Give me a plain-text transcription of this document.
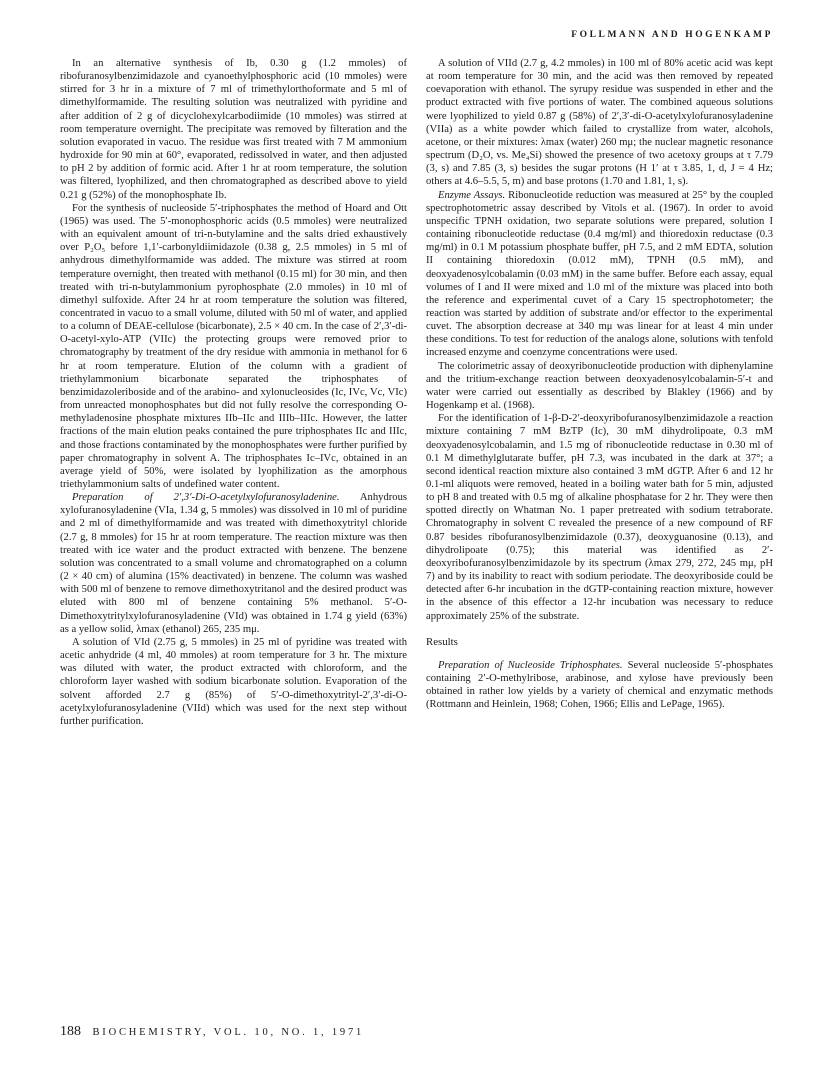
FOLLMANN AND HOGENKAMP

In an alternative synthesis of Ib, 0.30 g (1.2 mmoles) of ribofuranosylbenzimidazole and cyanoethylphosphoric acid (10 mmoles) were stirred for 3 hr in a mixture of 7 ml of trimethylorthoformate and 5 ml of dimethylformamide. The resulting solution was neutralized with pyridine and after addition of 2 g of dicyclohexylcarbodiimide (10 mmoles) was stirred at room temperature overnight. The precipitate was removed by filteration and the solution evaporated in vacuo. The residue was first treated with 7 M ammonium hydroxide for 90 min at 60°, evaporated, redissolved in water, and then adjusted to pH 2 by addition of formic acid. After 1 hr at room temperature, the solution was filtered, lyophilized, and then chromatographed as described above to yield 0.21 g (52%) of the monophosphate Ib.

For the synthesis of nucleoside 5′-triphosphates the method of Hoard and Ott (1965) was used. The 5′-monophosphoric acids (0.5 mmoles) were neutralized with an equivalent amount of tri-n-butylamine and the salts dried exhaustively over P₂O₅ before 1,1′-carbonyldiimidazole (0.38 g, 2.5 mmoles) in 5 ml of anhydrous dimethylformamide was added. The mixture was stirred at room temperature overnight, then treated with methanol (0.15 ml) for 30 min, and then treated with tri-n-butylammonium pyrophosphate (2.0 mmoles) in 10 ml of dimethyl sulfoxide. After 24 hr at room temperature the solution was filtered, concentrated in vacuo to a small volume, diluted with 50 ml of water, and applied to a column of DEAE-cellulose (bicarbonate), 2.5 × 40 cm. In the case of 2′,3′-di-O-acetyl-xylo-ATP (VIIc) the protecting groups were removed prior to chromatography by treatment of the dry residue with ammonia in methanol for 6 hr at room temperature. Elution of the column with a gradient of triethylammonium bicarbonate separated the triphosphates of benzimidazoleriboside and of the arabino- and xylonucleosides (Ic, IVc, Vc, VIc) from unreacted monophosphates but did not fully resolve the corresponding O-methyladenosine phosphate mixtures IIb–IIc and IIIb–IIIc. However, the latter fractions of the main elution peaks contained the pure triphosphates IIc and IIIc, and those fractions contaminated by the monophosphates were further purified by paper chromatography in solvent A. The triphosphates Ic–IVc, obtained in an average yield of 50%, were isolated by lyophilization as the amorphous triethylammonium salts of undefined water content.

Preparation of 2′,3′-Di-O-acetylxylofuranosyladenine. Anhydrous xylofuranosyladenine (VIa, 1.34 g, 5 mmoles) was dissolved in 10 ml of puridine and 2 ml of dimethylformamide and was treated with dimethoxytrityl chloride (2.7 g, 8 mmoles) for 15 hr at room temperature. The reaction mixture was then treated with ice water and the product extracted with benzene. The benzene solution was concentrated to a small volume and chromatographed on a column (2 × 40 cm) of alumina (15% deactivated) in benzene. The column was washed with 500 ml of benzene to remove dimethoxytritanol and the desired product was eluted with 800 ml of benzene containing 5% methanol. 5′-O-Dimethoxytritylxylofuranosyladenine (VId) was obtained in 1.74 g yield (63%) as a yellow solid, λmax (ethanol) 265, 235 mμ.

A solution of VId (2.75 g, 5 mmoles) in 25 ml of pyridine was treated with acetic anhydride (4 ml, 40 mmoles) at room temperature for 3 hr. The mixture was diluted with water, the product extracted with chloroform, and the chloroform layer washed with sodium bicarbonate solution. Evaporation of the solvent afforded 2.7 g (85%) of 5′-O-dimethoxytrityl-2′,3′-di-O-acetylxylofuranosyladenine (VIId) which was used for the next step without further purification.

A solution of VIId (2.7 g, 4.2 mmoles) in 100 ml of 80% acetic acid was kept at room temperature for 30 min, and the acid was then removed by repeated coevaporation with ethanol. The syrupy residue was suspended in ether and the product extracted with five portions of water. The combined aqueous solutions were lyophilized to yield 0.87 g (58%) of 2′,3′-di-O-acetylxylofuranosyladenine (VIIa) as a white powder which failed to crystallize from water, alcohols, acetone, or their mixtures: λmax (water) 260 mμ; the nuclear magnetic resonance spectrum (D₂O, vs. Me₄Si) showed the presence of two acetoxy groups at τ 7.79 (3, s) and 7.85 (3, s) besides the sugar protons (H 1′ at τ 3.85, 1, d, J = 4 Hz; others at 4.6–5.5, 5, m) and base protons (1.70 and 1.81, 1, s).

Enzyme Assays. Ribonucleotide reduction was measured at 25° by the coupled spectrophotometric assay described by Vitols et al. (1967). In order to avoid unspecific TPNH oxidation, two separate solutions were prepared, solution I containing ribonucleotide reductase (0.4 mg/ml) and thioredoxin reductase (0.3 mg/ml) in 0.1 M potassium phosphate buffer, pH 7.5, and 2 mM EDTA, solution II containing thioredoxin (0.012 mM), TPNH (0.5 mM), and deoxyadenosylcobalamin (0.03 mM) in the same buffer. Before each assay, equal volumes of I and II were mixed and 1.0 ml of the mixture was placed into both the reference and experimental cuvet of a Cary 15 spectrophotometer; the reaction was started by addition of substrate and/or effector to the experimental cuvet. The absorption decrease at 340 mμ was linear for at least 4 min under these conditions. To test for reduction of the analogs alone, solutions with tenfold increased enzyme and coenzyme concentrations were used.

The colorimetric assay of deoxyribonucleotide production with diphenylamine and the tritium-exchange reaction between deoxyadenosylcobalamin-5′-t and water were carried out essentially as described by Blakley (1966) and by Hogenkamp et al. (1968).

For the identification of 1-β-D-2′-deoxyribofuranosylbenzimidazole a reaction mixture containing 7 mM BzTP (Ic), 30 mM dihydrolipoate, 0.3 mM deoxyadenosylcobalamin, and 1.5 mg of ribonucleotide reductase in 0.30 ml of 0.1 M dimethylglutarate buffer, pH 7.3, was incubated in the dark at 37°; a second identical reaction mixture also contained 3 mM dGTP. After 6 and 12 hr 0.1-ml aliquots were removed, heated in a boiling water bath for 5 min, adjusted to pH 8 and treated with 0.5 mg of alkaline phosphatase for 2 hr. They were then spotted directly on Whatman No. 1 paper pretreated with sodium tetraborate. Chromatography in solvent C revealed the presence of a new compound of RF 0.87 besides ribofuranosylbenzimidazole (0.37), deoxyguanosine (0.13), and dihydrolipoate (0.75); this material was identified as 2′-deoxyribofuranosylbenzimidazole by its spectrum (λmax 279, 272, 245 mμ, pH 7) and by its inability to react with sodium periodate. The deoxyriboside could be detected after 6-hr incubation in the dGTP-containing reaction mixture, however in the absence of this effector a 12-hr incubation was necessary to reduce approximately 25% of the substrate.

Results

Preparation of Nucleoside Triphosphates. Several nucleoside 5′-phosphates containing 2′-O-methylribose, arabinose, and xylose have previously been obtained in rather low yields by a variety of chemical and enzymatic methods (Rottmann and Heinlein, 1968; Cohen, 1966; Ellis and LePage, 1965).

188 BIOCHEMISTRY, VOL. 10, NO. 1, 1971
